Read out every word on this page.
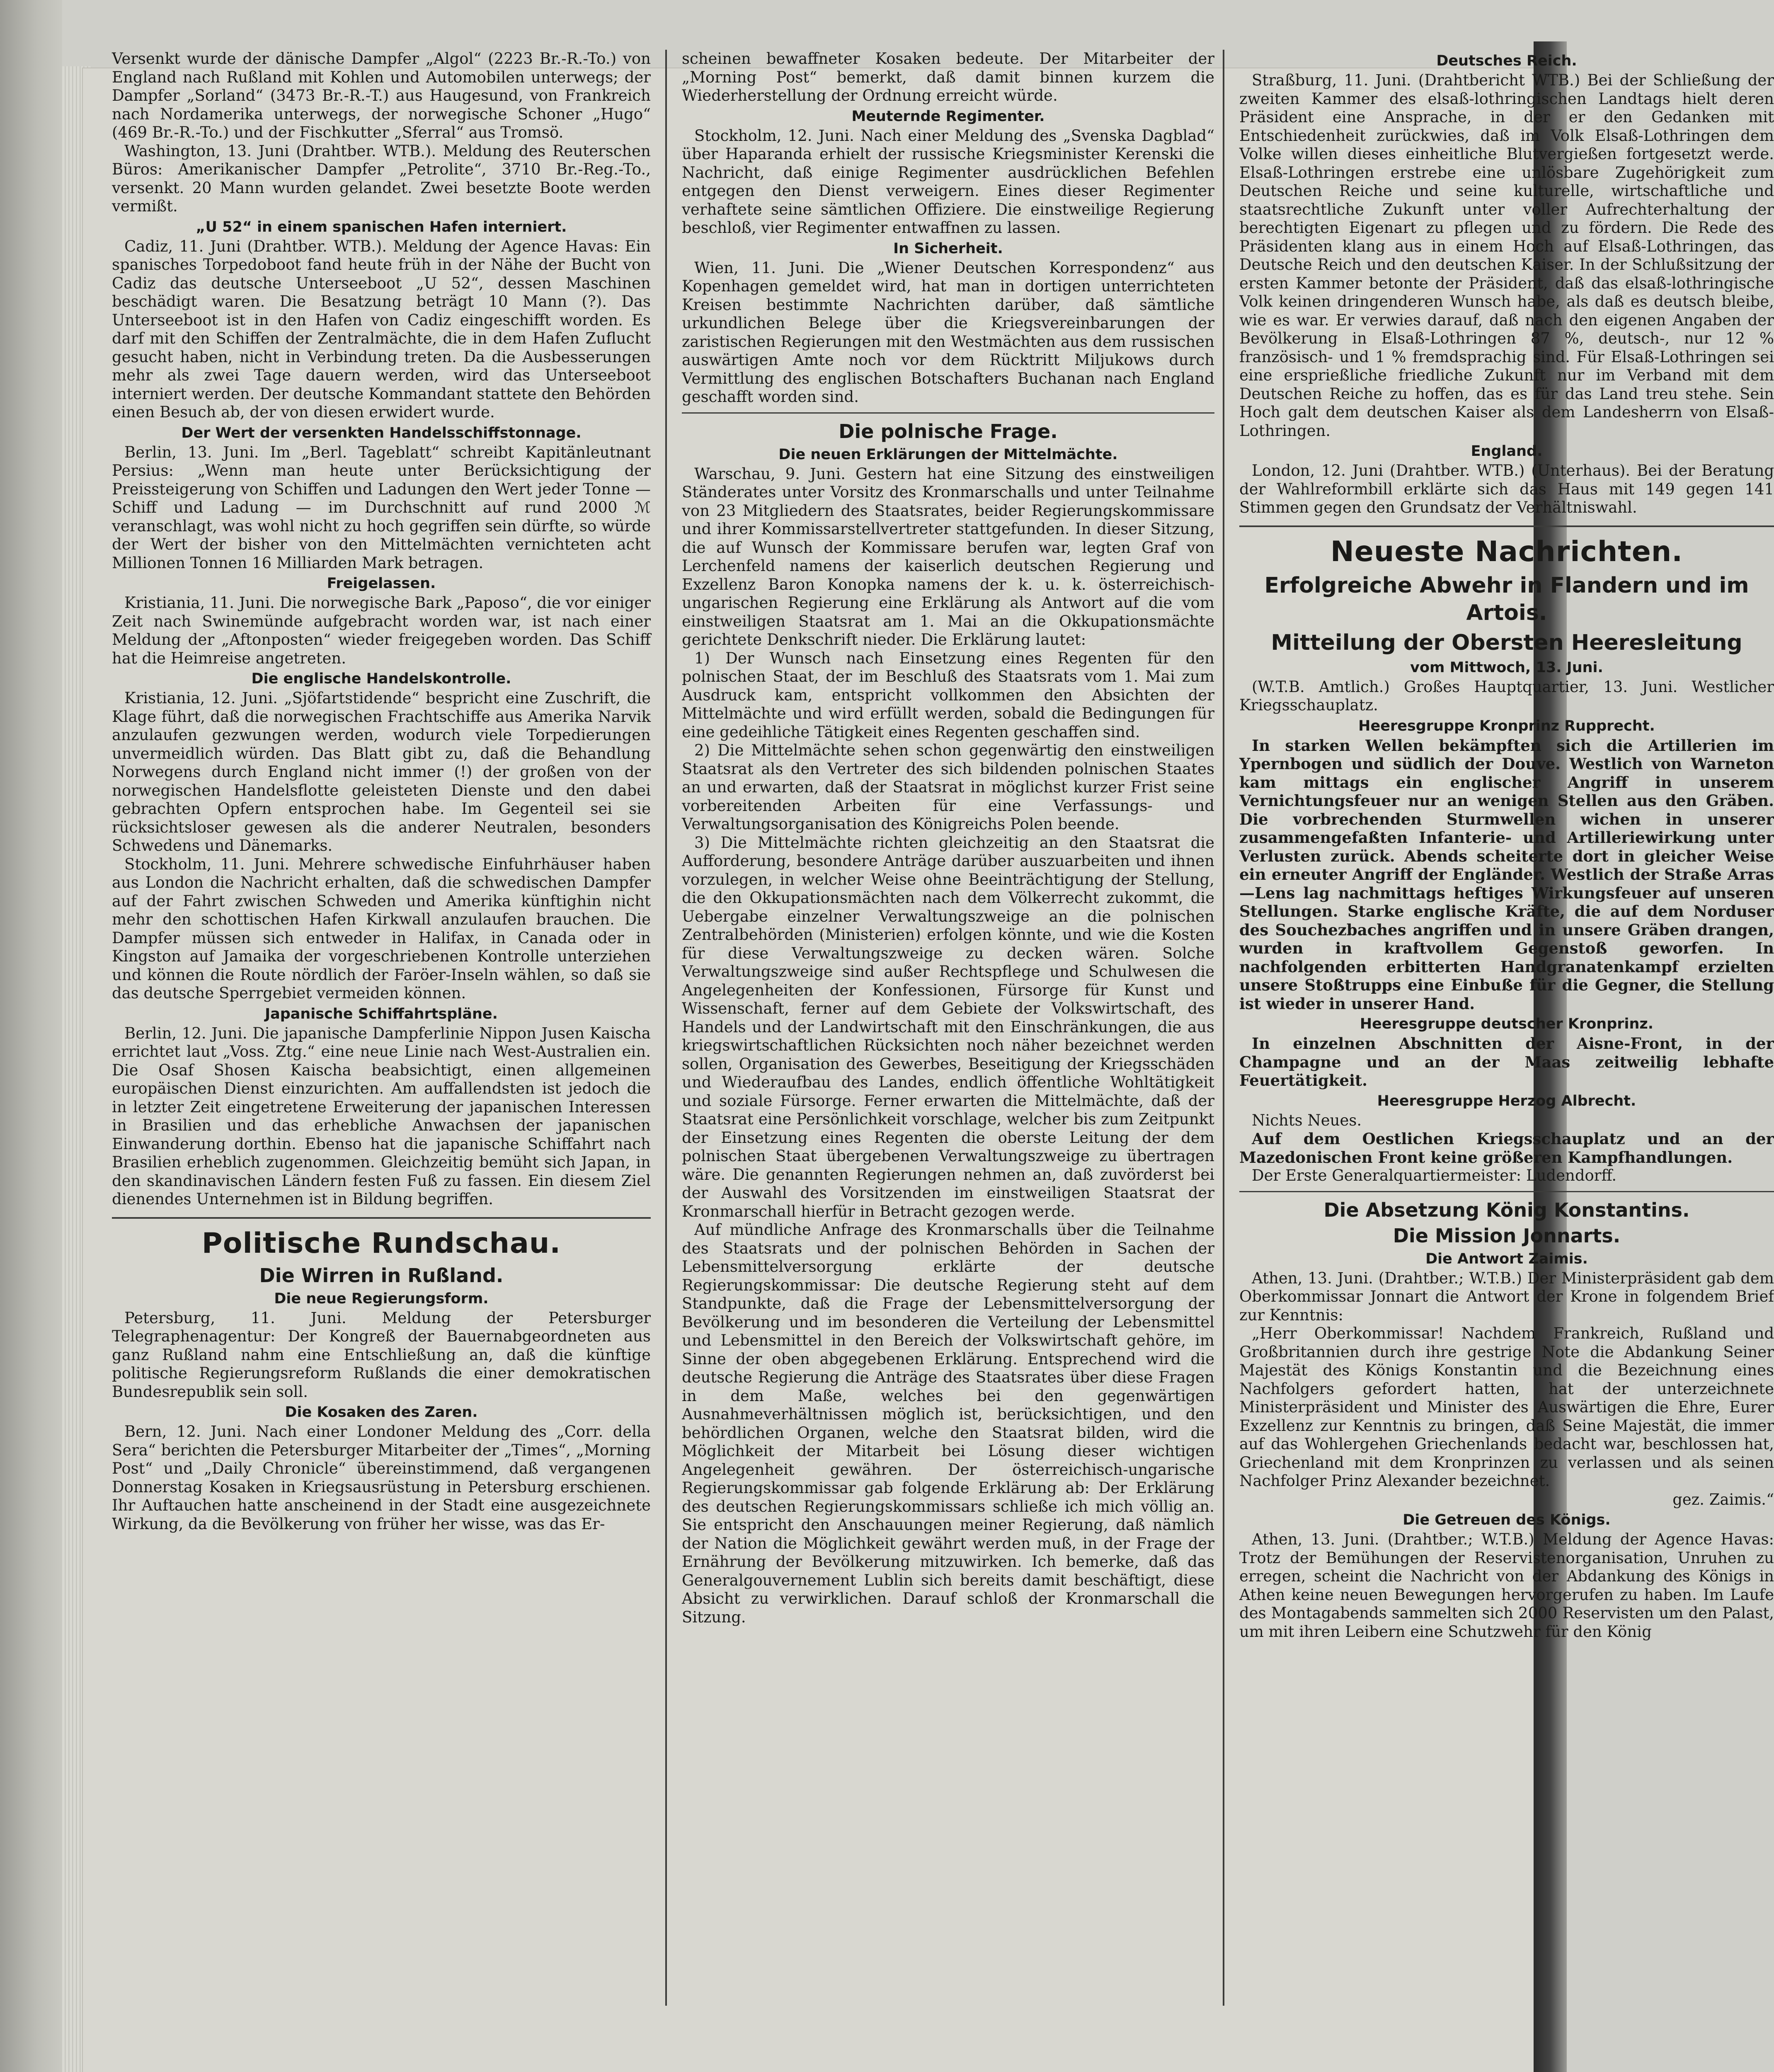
Versenkt wurde der dänische Dampfer „Algol“ (2223 Br.-R.-To.) von England nach Rußland mit Kohlen und Automobilen unterwegs; der Dampfer „Sorland“ (3473 Br.-R.-T.) aus Haugesund, von Frankreich nach Nordamerika unterwegs, der norwegische Schoner „Hugo“ (469 Br.-R.-To.) und der Fischkutter „Sferral“ aus Tromsö.

Washington, 13. Juni (Drahtber. WTB.). Meldung des Reuterschen Büros: Amerikanischer Dampfer „Petrolite“, 3710 Br.-Reg.-To., versenkt. 20 Mann wurden gelandet. Zwei besetzte Boote werden vermißt.

„U 52“ in einem spanischen Hafen interniert.

Cadiz, 11. Juni (Drahtber. WTB.). Meldung der Agence Havas: Ein spanisches Torpedoboot fand heute früh in der Nähe der Bucht von Cadiz das deutsche Unterseeboot „U 52“, dessen Maschinen beschädigt waren. Die Besatzung beträgt 10 Mann (?). Das Unterseeboot ist in den Hafen von Cadiz eingeschifft worden. Es darf mit den Schiffen der Zentralmächte, die in dem Hafen Zuflucht gesucht haben, nicht in Verbindung treten. Da die Ausbesserungen mehr als zwei Tage dauern werden, wird das Unterseeboot interniert werden. Der deutsche Kommandant stattete den Behörden einen Besuch ab, der von diesen erwidert wurde.

Der Wert der versenkten Handelsschiffstonnage.

Berlin, 13. Juni. Im „Berl. Tageblatt“ schreibt Kapitänleutnant Persius: „Wenn man heute unter Berücksichtigung der Preissteigerung von Schiffen und Ladungen den Wert jeder Tonne — Schiff und Ladung — im Durchschnitt auf rund 2000 ℳ veranschlagt, was wohl nicht zu hoch gegriffen sein dürfte, so würde der Wert der bisher von den Mittelmächten vernichteten acht Millionen Tonnen 16 Milliarden Mark betragen.

Freigelassen.

Kristiania, 11. Juni. Die norwegische Bark „Paposo“, die vor einiger Zeit nach Swinemünde aufgebracht worden war, ist nach einer Meldung der „Aftonposten“ wieder freigegeben worden. Das Schiff hat die Heimreise angetreten.

Die englische Handelskontrolle.

Kristiania, 12. Juni. „Sjöfartstidende“ bespricht eine Zuschrift, die Klage führt, daß die norwegischen Frachtschiffe aus Amerika Narvik anzulaufen gezwungen werden, wodurch viele Torpedierungen unvermeidlich würden. Das Blatt gibt zu, daß die Behandlung Norwegens durch England nicht immer (!) der großen von der norwegischen Handelsflotte geleisteten Dienste und den dabei gebrachten Opfern entsprochen habe. Im Gegenteil sei sie rücksichtsloser gewesen als die anderer Neutralen, besonders Schwedens und Dänemarks.

Stockholm, 11. Juni. Mehrere schwedische Einfuhrhäuser haben aus London die Nachricht erhalten, daß die schwedischen Dampfer auf der Fahrt zwischen Schweden und Amerika künftighin nicht mehr den schottischen Hafen Kirkwall anzulaufen brauchen. Die Dampfer müssen sich entweder in Halifax, in Canada oder in Kingston auf Jamaika der vorgeschriebenen Kontrolle unterziehen und können die Route nördlich der Faröer-Inseln wählen, so daß sie das deutsche Sperrgebiet vermeiden können.

Japanische Schiffahrtspläne.

Berlin, 12. Juni. Die japanische Dampferlinie Nippon Jusen Kaischa errichtet laut „Voss. Ztg.“ eine neue Linie nach West-Australien ein. Die Osaf Shosen Kaischa beabsichtigt, einen allgemeinen europäischen Dienst einzurichten. Am auffallendsten ist jedoch die in letzter Zeit eingetretene Erweiterung der japanischen Interessen in Brasilien und das erhebliche Anwachsen der japanischen Einwanderung dorthin. Ebenso hat die japanische Schiffahrt nach Brasilien erheblich zugenommen. Gleichzeitig bemüht sich Japan, in den skandinavischen Ländern festen Fuß zu fassen. Ein diesem Ziel dienendes Unternehmen ist in Bildung begriffen.

Politische Rundschau.
Die Wirren in Rußland.
Die neue Regierungsform.

Petersburg, 11. Juni. Meldung der Petersburger Telegraphenagentur: Der Kongreß der Bauernabgeordneten aus ganz Rußland nahm eine Entschließung an, daß die künftige politische Regierungsreform Rußlands die einer demokratischen Bundesrepublik sein soll.

Die Kosaken des Zaren.

Bern, 12. Juni. Nach einer Londoner Meldung des „Corr. della Sera“ berichten die Petersburger Mitarbeiter der „Times“, „Morning Post“ und „Daily Chronicle“ übereinstimmend, daß vergangenen Donnerstag Kosaken in Kriegsausrüstung in Petersburg erschienen. Ihr Auftauchen hatte anscheinend in der Stadt eine ausgezeichnete Wirkung, da die Bevölkerung von früher her wisse, was das Er-

scheinen bewaffneter Kosaken bedeute. Der Mitarbeiter der „Morning Post“ bemerkt, daß damit binnen kurzem die Wiederherstellung der Ordnung erreicht würde.

Meuternde Regimenter.

Stockholm, 12. Juni. Nach einer Meldung des „Svenska Dagblad“ über Haparanda erhielt der russische Kriegsminister Kerenski die Nachricht, daß einige Regimenter ausdrücklichen Befehlen entgegen den Dienst verweigern. Eines dieser Regimenter verhaftete seine sämtlichen Offiziere. Die einstweilige Regierung beschloß, vier Regimenter entwaffnen zu lassen.

In Sicherheit.

Wien, 11. Juni. Die „Wiener Deutschen Korrespondenz“ aus Kopenhagen gemeldet wird, hat man in dortigen unterrichteten Kreisen bestimmte Nachrichten darüber, daß sämtliche urkundlichen Belege über die Kriegsvereinbarungen der zaristischen Regierungen mit den Westmächten aus dem russischen auswärtigen Amte noch vor dem Rücktritt Miljukows durch Vermittlung des englischen Botschafters Buchanan nach England geschafft worden sind.

Die polnische Frage.
Die neuen Erklärungen der Mittelmächte.

Warschau, 9. Juni. Gestern hat eine Sitzung des einstweiligen Ständerates unter Vorsitz des Kronmarschalls und unter Teilnahme von 23 Mitgliedern des Staatsrates, beider Regierungskommissare und ihrer Kommissarstellvertreter stattgefunden. In dieser Sitzung, die auf Wunsch der Kommissare berufen war, legten Graf von Lerchenfeld namens der kaiserlich deutschen Regierung und Exzellenz Baron Konopka namens der k. u. k. österreichisch-ungarischen Regierung eine Erklärung als Antwort auf die vom einstweiligen Staatsrat am 1. Mai an die Okkupationsmächte gerichtete Denkschrift nieder. Die Erklärung lautet:

1) Der Wunsch nach Einsetzung eines Regenten für den polnischen Staat, der im Beschluß des Staatsrats vom 1. Mai zum Ausdruck kam, entspricht vollkommen den Absichten der Mittelmächte und wird erfüllt werden, sobald die Bedingungen für eine gedeihliche Tätigkeit eines Regenten geschaffen sind.

2) Die Mittelmächte sehen schon gegenwärtig den einstweiligen Staatsrat als den Vertreter des sich bildenden polnischen Staates an und erwarten, daß der Staatsrat in möglichst kurzer Frist seine vorbereitenden Arbeiten für eine Verfassungs- und Verwaltungsorganisation des Königreichs Polen beende.

3) Die Mittelmächte richten gleichzeitig an den Staatsrat die Aufforderung, besondere Anträge darüber auszuarbeiten und ihnen vorzulegen, in welcher Weise ohne Beeinträchtigung der Stellung, die den Okkupationsmächten nach dem Völkerrecht zukommt, die Uebergabe einzelner Verwaltungszweige an die polnischen Zentralbehörden (Ministerien) erfolgen könnte, und wie die Kosten für diese Verwaltungszweige zu decken wären. Solche Verwaltungszweige sind außer Rechtspflege und Schulwesen die Angelegenheiten der Konfessionen, Fürsorge für Kunst und Wissenschaft, ferner auf dem Gebiete der Volkswirtschaft, des Handels und der Landwirtschaft mit den Einschränkungen, die aus kriegswirtschaftlichen Rücksichten noch näher bezeichnet werden sollen, Organisation des Gewerbes, Beseitigung der Kriegsschäden und Wiederaufbau des Landes, endlich öffentliche Wohltätigkeit und soziale Fürsorge. Ferner erwarten die Mittelmächte, daß der Staatsrat eine Persönlichkeit vorschlage, welcher bis zum Zeitpunkt der Einsetzung eines Regenten die oberste Leitung der dem polnischen Staat übergebenen Verwaltungszweige zu übertragen wäre. Die genannten Regierungen nehmen an, daß zuvörderst bei der Auswahl des Vorsitzenden im einstweiligen Staatsrat der Kronmarschall hierfür in Betracht gezogen werde.

Auf mündliche Anfrage des Kronmarschalls über die Teilnahme des Staatsrats und der polnischen Behörden in Sachen der Lebensmittelversorgung erklärte der deutsche Regierungskommissar: Die deutsche Regierung steht auf dem Standpunkte, daß die Frage der Lebensmittelversorgung der Bevölkerung und im besonderen die Verteilung der Lebensmittel und Lebensmittel in den Bereich der Volkswirtschaft gehöre, im Sinne der oben abgegebenen Erklärung. Entsprechend wird die deutsche Regierung die Anträge des Staatsrates über diese Fragen in dem Maße, welches bei den gegenwärtigen Ausnahmeverhältnissen möglich ist, berücksichtigen, und den behördlichen Organen, welche den Staatsrat bilden, wird die Möglichkeit der Mitarbeit bei Lösung dieser wichtigen Angelegenheit gewähren. Der österreichisch-ungarische Regierungskommissar gab folgende Erklärung ab: Der Erklärung des deutschen Regierungskommissars schließe ich mich völlig an. Sie entspricht den Anschauungen meiner Regierung, daß nämlich der Nation die Möglichkeit gewährt werden muß, in der Frage der Ernährung der Bevölkerung mitzuwirken. Ich bemerke, daß das Generalgouvernement Lublin sich bereits damit beschäftigt, diese Absicht zu verwirklichen. Darauf schloß der Kronmarschall die Sitzung.

Deutsches Reich.

Straßburg, 11. Juni. (Drahtbericht WTB.) Bei der Schließung der zweiten Kammer des elsaß-lothringischen Landtags hielt deren Präsident eine Ansprache, in der er den Gedanken mit Entschiedenheit zurückwies, daß im Volk Elsaß-Lothringen dem Volke willen dieses einheitliche Blutvergießen fortgesetzt werde. Elsaß-Lothringen erstrebe eine unlösbare Zugehörigkeit zum Deutschen Reiche und seine kulturelle, wirtschaftliche und staatsrechtliche Zukunft unter voller Aufrechterhaltung der berechtigten Eigenart zu pflegen und zu fördern. Die Rede des Präsidenten klang aus in einem Hoch auf Elsaß-Lothringen, das Deutsche Reich und den deutschen Kaiser. In der Schlußsitzung der ersten Kammer betonte der Präsident, daß das elsaß-lothringische Volk keinen dringenderen Wunsch habe, als daß es deutsch bleibe, wie es war. Er verwies darauf, daß nach den eigenen Angaben der Bevölkerung in Elsaß-Lothringen 87 %, deutsch-, nur 12 % französisch- und 1 % fremdsprachig sind. Für Elsaß-Lothringen sei eine ersprießliche friedliche Zukunft nur im Verband mit dem Deutschen Reiche zu hoffen, das es für das Land treu stehe. Sein Hoch galt dem deutschen Kaiser als dem Landesherrn von Elsaß-Lothringen.

England.

London, 12. Juni (Drahtber. WTB.) (Unterhaus). Bei der Beratung der Wahlreformbill erklärte sich das Haus mit 149 gegen 141 Stimmen gegen den Grundsatz der Verhältniswahl.

Neueste Nachrichten.
Erfolgreiche Abwehr in Flandern und im Artois.
Mitteilung der Obersten Heeresleitung
vom Mittwoch, 13. Juni.

(W.T.B. Amtlich.) Großes Hauptquartier, 13. Juni. Westlicher Kriegsschauplatz.

Heeresgruppe Kronprinz Rupprecht.

In starken Wellen bekämpften sich die Artillerien im Ypernbogen und südlich der Douve. Westlich von Warneton kam mittags ein englischer Angriff in unserem Vernichtungsfeuer nur an wenigen Stellen aus den Gräben. Die vorbrechenden Sturmwellen wichen in unserer zusammengefaßten Infanterie- und Artilleriewirkung unter Verlusten zurück. Abends scheiterte dort in gleicher Weise ein erneuter Angriff der Engländer. Westlich der Straße Arras—Lens lag nachmittags heftiges Wirkungsfeuer auf unseren Stellungen. Starke englische Kräfte, die auf dem Norduser des Souchezbaches angriffen und in unsere Gräben drangen, wurden in kraftvollem Gegenstoß geworfen. In nachfolgenden erbitterten Handgranatenkampf erzielten unsere Stoßtrupps eine Einbuße für die Gegner, die Stellung ist wieder in unserer Hand.

Heeresgruppe deutscher Kronprinz.

In einzelnen Abschnitten der Aisne-Front, in der Champagne und an der Maas zeitweilig lebhafte Feuertätigkeit.

Heeresgruppe Herzog Albrecht.

Nichts Neues.

Auf dem Oestlichen Kriegsschauplatz und an der Mazedonischen Front keine größeren Kampfhandlungen.

Der Erste Generalquartiermeister: Ludendorff.

Die Absetzung König Konstantins.
Die Mission Jonnarts.
Die Antwort Zaimis.

Athen, 13. Juni. (Drahtber.; W.T.B.) Der Ministerpräsident gab dem Oberkommissar Jonnart die Antwort der Krone in folgendem Brief zur Kenntnis:

„Herr Oberkommissar! Nachdem Frankreich, Rußland und Großbritannien durch ihre gestrige Note die Abdankung Seiner Majestät des Königs Konstantin und die Bezeichnung eines Nachfolgers gefordert hatten, hat der unterzeichnete Ministerpräsident und Minister des Auswärtigen die Ehre, Eurer Exzellenz zur Kenntnis zu bringen, daß Seine Majestät, die immer auf das Wohlergehen Griechenlands bedacht war, beschlossen hat, Griechenland mit dem Kronprinzen zu verlassen und als seinen Nachfolger Prinz Alexander bezeichnet.

gez. Zaimis.“

Die Getreuen des Königs.

Athen, 13. Juni. (Drahtber.; W.T.B.) Meldung der Agence Havas: Trotz der Bemühungen der Reservistenorganisation, Unruhen zu erregen, scheint die Nachricht von der Abdankung des Königs in Athen keine neuen Bewegungen hervorgerufen zu haben. Im Laufe des Montagabends sammelten sich 2000 Reservisten um den Palast, um mit ihren Leibern eine Schutzwehr für den König
